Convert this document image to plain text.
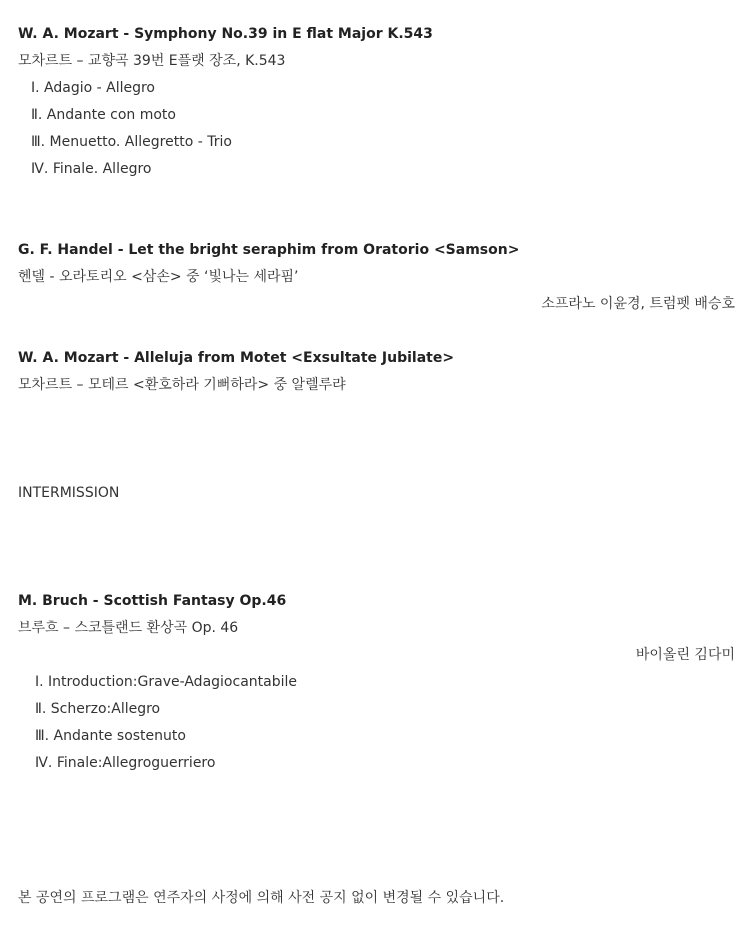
W. A. Mozart - Symphony No.39 in E flat Major K.543
모차르트 – 교향곡 39번 E플랫 장조, K.543
Ⅰ. Adagio - Allegro
Ⅱ. Andante con moto
Ⅲ. Menuetto. Allegretto - Trio
Ⅳ. Finale. Allegro
G. F. Handel - Let the bright seraphim from Oratorio <Samson>
헨델 - 오라토리오 <삼손> 중 ‘빛나는 세라핌’
소프라노 이윤경, 트럼펫 배승호
W. A. Mozart - Alleluja from Motet <Exsultate Jubilate>
모차르트 – 모테르 <환호하라 기뻐하라> 중 알렐루랴
INTERMISSION
M. Bruch - Scottish Fantasy Op.46
브루흐 – 스코틀랜드 환상곡 Op. 46
바이올린 김다미
Ⅰ. Introduction:Grave-Adagiocantabile
Ⅱ. Scherzo:Allegro
Ⅲ. Andante sostenuto
Ⅳ. Finale:Allegroguerriero
본 공연의 프로그램은 연주자의 사정에 의해 사전 공지 없이 변경될 수 있습니다.
